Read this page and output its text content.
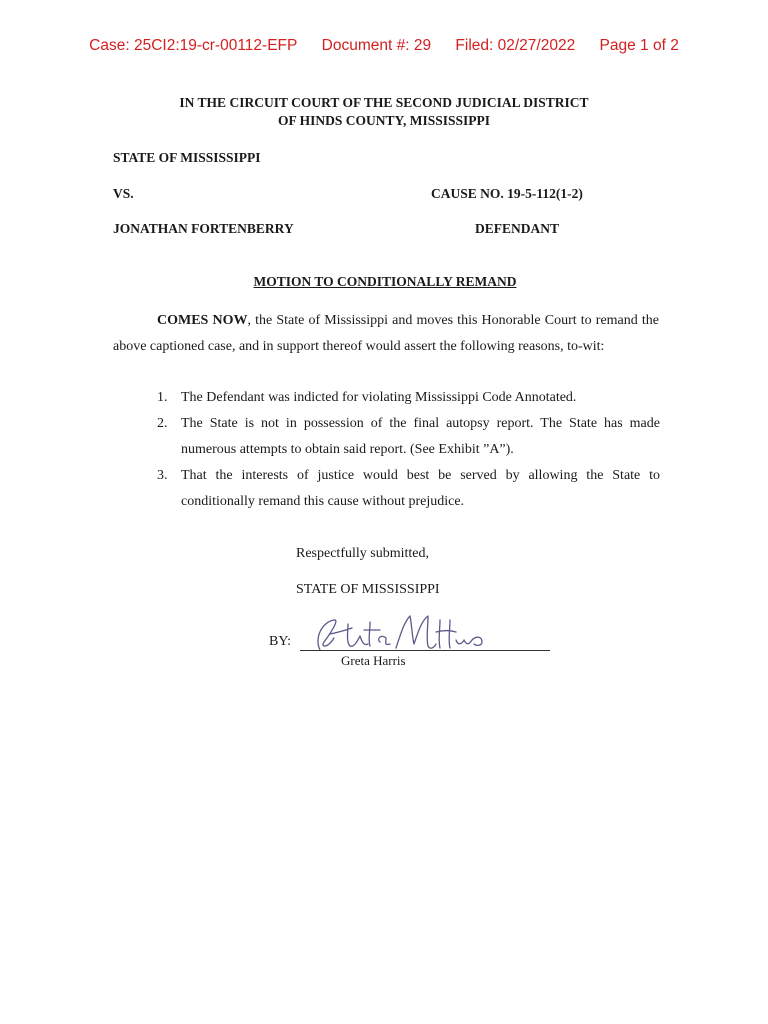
Case: 25CI2:19-cr-00112-EFP Document #: 29 Filed: 02/27/2022 Page 1 of 2
IN THE CIRCUIT COURT OF THE SECOND JUDICIAL DISTRICT
OF HINDS COUNTY, MISSISSIPPI
STATE OF MISSISSIPPI
VS.	CAUSE NO. 19-5-112(1-2)
JONATHAN FORTENBERRY	DEFENDANT
MOTION TO CONDITIONALLY REMAND
COMES NOW, the State of Mississippi and moves this Honorable Court to remand the above captioned case, and in support thereof would assert the following reasons, to-wit:
1. The Defendant was indicted for violating Mississippi Code Annotated.
2. The State is not in possession of the final autopsy report. The State has made numerous attempts to obtain said report. (See Exhibit ”A”).
3. That the interests of justice would best be served by allowing the State to conditionally remand this cause without prejudice.
Respectfully submitted,
STATE OF MISSISSIPPI
BY:
Greta Harris
